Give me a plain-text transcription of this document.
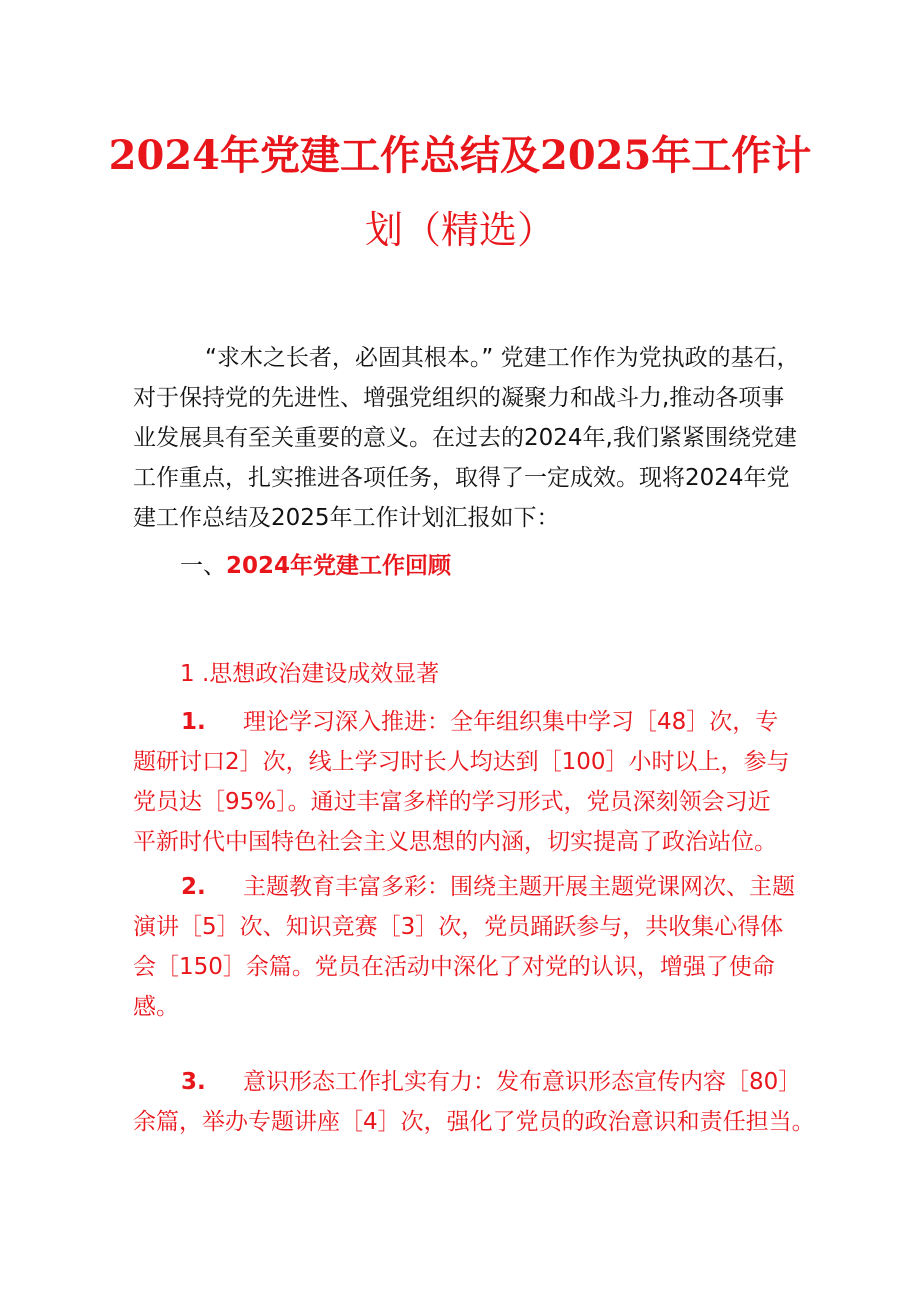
2024年党建工作总结及2025年工作计
划（精选）
“求木之长者，必固其根本。” 党建工作作为党执政的基石，
对于保持党的先进性、增强党组织的凝聚力和战斗力,推动各项事
业发展具有至关重要的意义。在过去的2024年,我们紧紧围绕党建
工作重点，扎实推进各项任务，取得了一定成效。现将2024年党
建工作总结及2025年工作计划汇报如下：
一、2024年党建工作回顾
1 .思想政治建设成效显著
1. 理论学习深入推进：全年组织集中学习［48］次，专
题研讨口2］次，线上学习时长人均达到［100］小时以上，参与
党员达［95%］。通过丰富多样的学习形式，党员深刻领会习近
平新时代中国特色社会主义思想的内涵，切实提高了政治站位。
2. 主题教育丰富多彩：围绕主题开展主题党课网次、主题
演讲［5］次、知识竞赛［3］次，党员踊跃参与，共收集心得体
会［150］余篇。党员在活动中深化了对党的认识，增强了使命
感。
3. 意识形态工作扎实有力：发布意识形态宣传内容［80］
余篇，举办专题讲座［4］次，强化了党员的政治意识和责任担当。
